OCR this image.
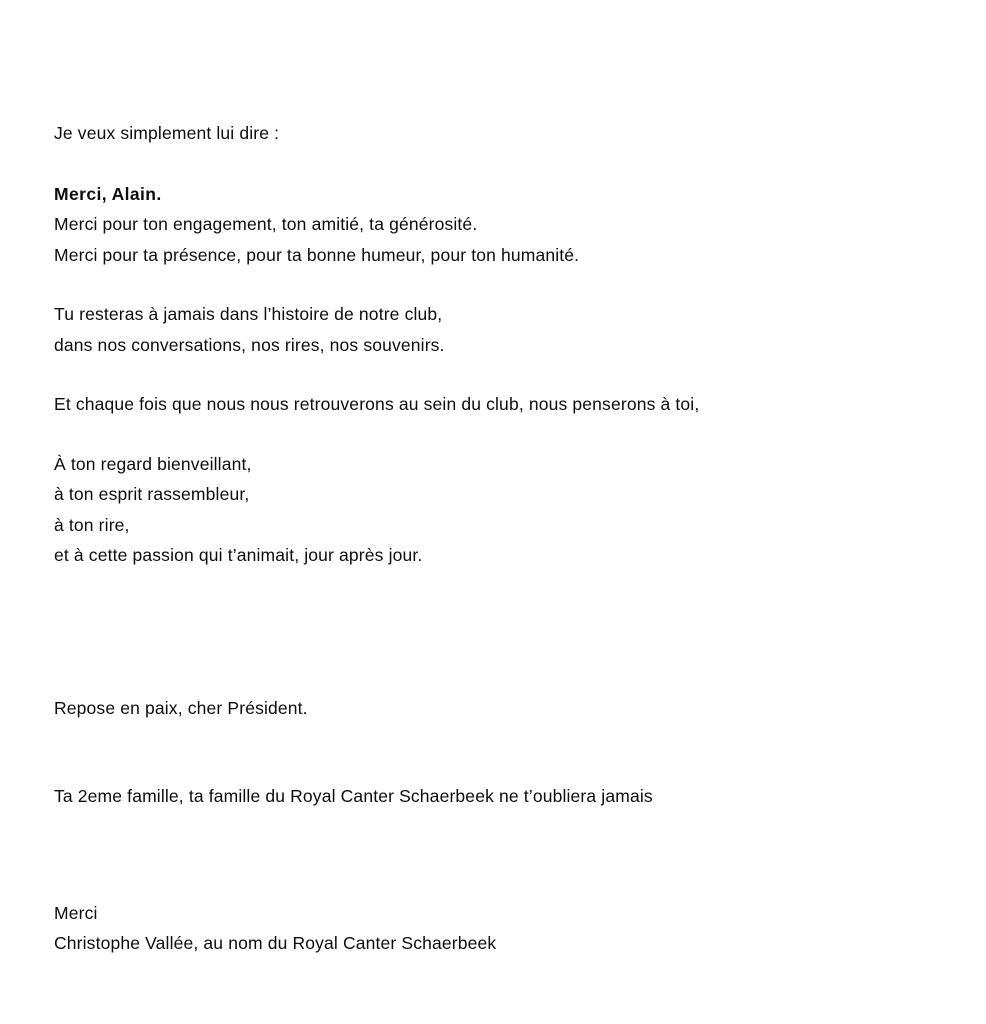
Je veux simplement lui dire :

Merci, Alain.
Merci pour ton engagement, ton amitié, ta générosité.
Merci pour ta présence, pour ta bonne humeur, pour ton humanité.

Tu resteras à jamais dans l’histoire de notre club,
dans nos conversations, nos rires, nos souvenirs.

Et chaque fois que nous nous retrouverons au sein du club, nous penserons à toi,

À ton regard bienveillant,
à ton esprit rassembleur,
à ton rire,
et à cette passion qui t’animait, jour après jour.

Repose en paix, cher Président.

Ta 2eme famille, ta famille du Royal Canter Schaerbeek ne t’oubliera jamais

Merci
Christophe Vallée, au nom du Royal Canter Schaerbeek
